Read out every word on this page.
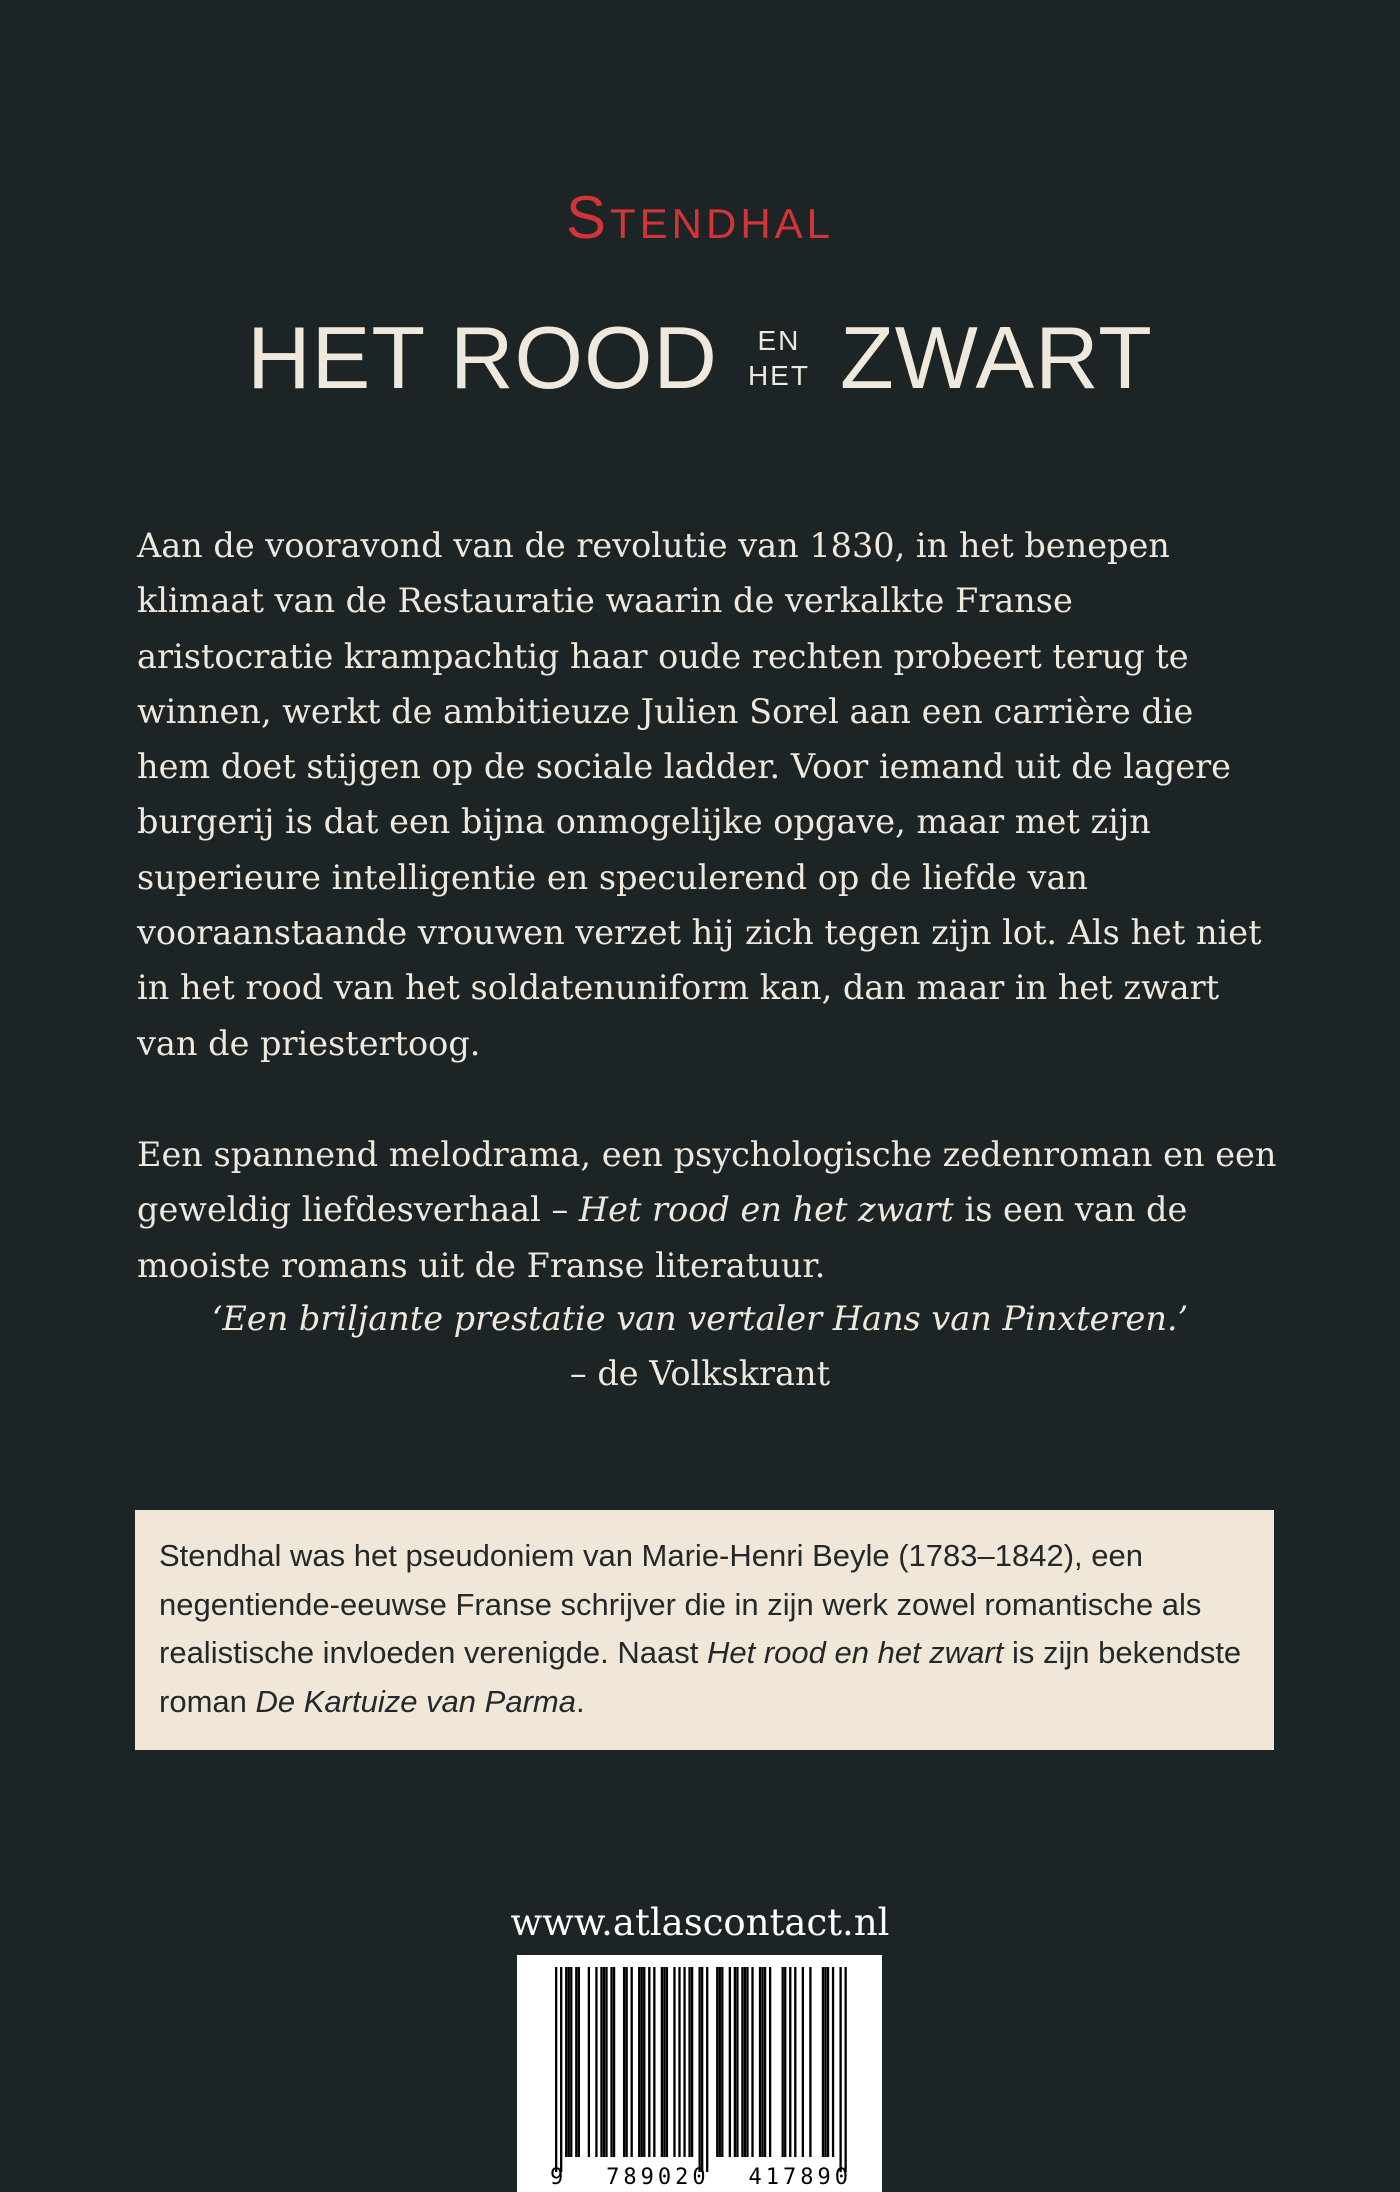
Stendhal
HET ROOD EN
HET ZWART

Aan de vooravond van de revolutie van 1830, in het benepen klimaat van de Restauratie waarin de verkalkte Franse aristocratie krampachtig haar oude rechten probeert terug te winnen, werkt de ambitieuze Julien Sorel aan een carrière die hem doet stijgen op de sociale ladder. Voor iemand uit de lagere burgerij is dat een bijna onmogelijke opgave, maar met zijn superieure intelligentie en speculerend op de liefde van vooraanstaande vrouwen verzet hij zich tegen zijn lot. Als het niet in het rood van het soldatenuniform kan, dan maar in het zwart van de priestertoog.

Een spannend melodrama, een psychologische zedenroman en een geweldig liefdesverhaal – Het rood en het zwart is een van de mooiste romans uit de Franse literatuur.

‘Een briljante prestatie van vertaler Hans van Pinxteren.’
– de Volkskrant
Stendhal was het pseudoniem van Marie-Henri Beyle (1783–1842), een negentiende-eeuwse Franse schrijver die in zijn werk zowel romantische als realistische invloeden verenigde. Naast Het rood en het zwart is zijn bekendste roman De Kartuize van Parma.
www.atlascontact.nl
9 789020 417890
